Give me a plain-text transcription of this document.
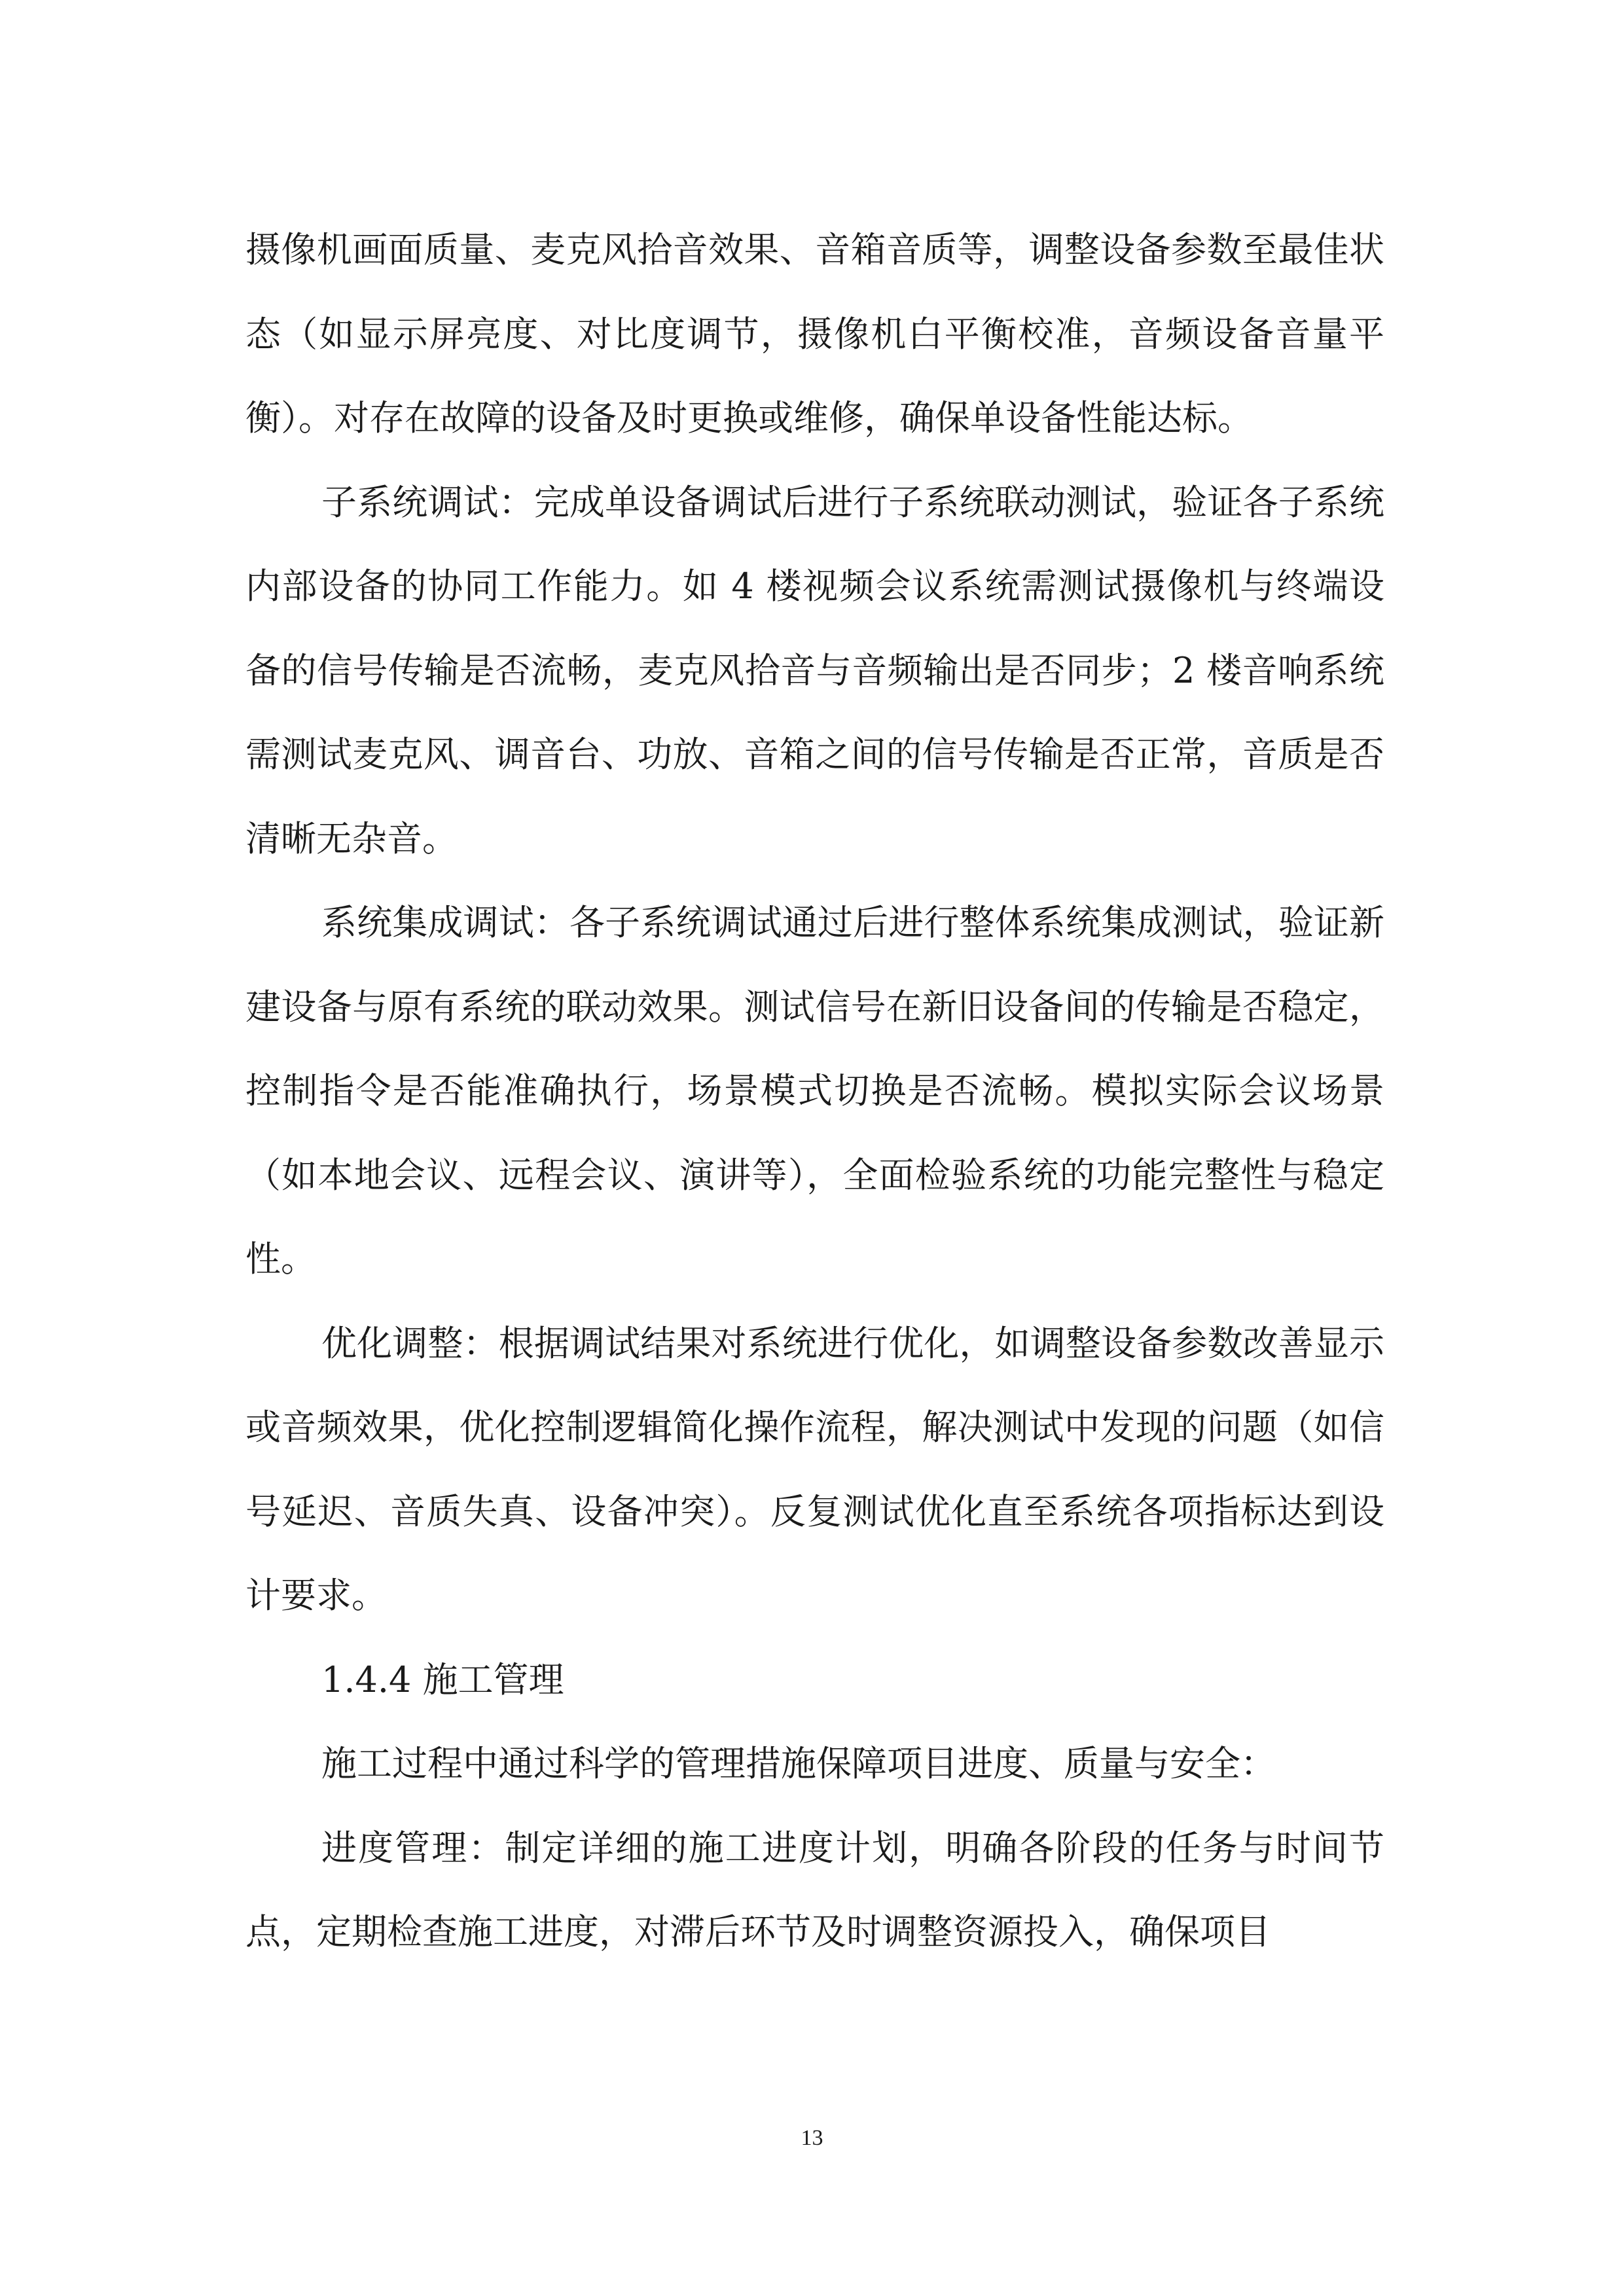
摄像机画面质量、麦克风拾音效果、音箱音质等，调整设备参数至最佳状态（如显示屏亮度、对比度调节，摄像机白平衡校准，音频设备音量平衡）。对存在故障的设备及时更换或维修，确保单设备性能达标。

子系统调试：完成单设备调试后进行子系统联动测试，验证各子系统内部设备的协同工作能力。如 4 楼视频会议系统需测试摄像机与终端设备的信号传输是否流畅，麦克风拾音与音频输出是否同步；2 楼音响系统需测试麦克风、调音台、功放、音箱之间的信号传输是否正常，音质是否清晰无杂音。

系统集成调试：各子系统调试通过后进行整体系统集成测试，验证新建设备与原有系统的联动效果。测试信号在新旧设备间的传输是否稳定，控制指令是否能准确执行，场景模式切换是否流畅。模拟实际会议场景（如本地会议、远程会议、演讲等），全面检验系统的功能完整性与稳定性。

优化调整：根据调试结果对系统进行优化，如调整设备参数改善显示或音频效果，优化控制逻辑简化操作流程，解决测试中发现的问题（如信号延迟、音质失真、设备冲突）。反复测试优化直至系统各项指标达到设计要求。

1.4.4 施工管理

施工过程中通过科学的管理措施保障项目进度、质量与安全：

进度管理：制定详细的施工进度计划，明确各阶段的任务与时间节点，定期检查施工进度，对滞后环节及时调整资源投入，确保项目

13
